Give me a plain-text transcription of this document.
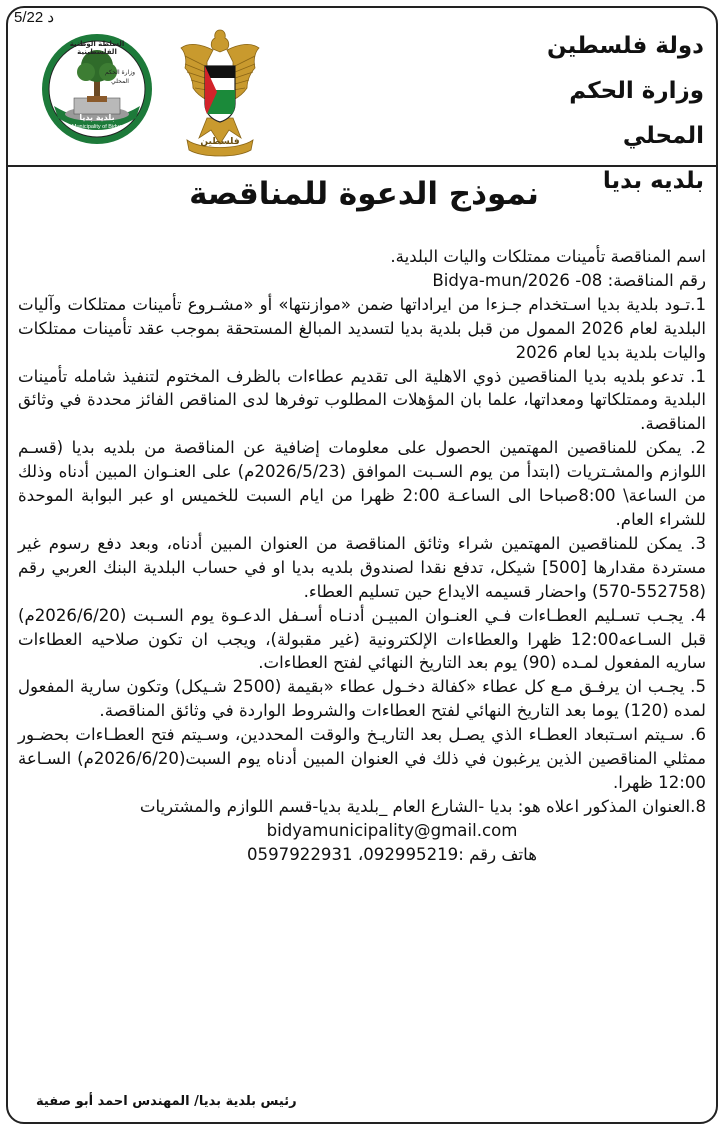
5/22 د
فلسطين
السلطة الوطنية الفلسطينية
وزارة الحكم المحلي
بلدية بديا
Municipality of Bidya
دولة فلسطين
وزارة الحكم المحلي
بلديه بديا
نموذج الدعوة للمناقصة

اسم المناقصة تأمينات ممتلكات واليات البلدية.

رقم المناقصة: 08- Bidya-mun/2026

1.تـود بلدية بديا اسـتخدام جـزءا من ايراداتها ضمن «موازنتها» أو «مشـروع تأمينات ممتلكات وآليات البلدية لعام 2026 الممول من قبل بلدية بديا لتسديد المبالغ المستحقة بموجب عقد تأمينات ممتلكات واليات بلدية بديا لعام 2026

1. تدعو بلديه بديا المناقصين ذوي الاهلية الى تقديم عطاءات بالظرف المختوم لتنفيذ شامله تأمينات البلدية وممتلكاتها ومعداتها، علما بان المؤهلات المطلوب توفرها لدى المناقص الفائز محددة في وثائق المناقصة.

2. يمكن للمناقصين المهتمين الحصول على معلومات إضافية عن المناقصة من بلديه بديا (قسـم اللوازم والمشـتريات (ابتدأ من يوم السـبت الموافق (2026/5/23م) على العنـوان المبين أدناه وذلك من الساعة\ 8:00صباحا الى الساعـة 2:00 ظهرا من ايام السبت للخميس او عبر البوابة الموحدة للشراء العام.

3. يمكن للمناقصين المهتمين شراء وثائق المناقصة من العنوان المبين أدناه، وبعد دفع رسوم غير مستردة مقدارها [500] شيكل، تدفع نقدا لصندوق بلديه بديا او في حساب البلدية البنك العربي رقم (552758-570) واحضار قسيمه الايداع حين تسليم العطاء.

4. يجـب تسـليم العطـاءات فـي العنـوان المبيـن أدنـاه أسـفل الدعـوة يوم السـبت (2026/6/20م) قبل السـاعه12:00 ظهرا والعطاءات الإلكترونية (غير مقبولة)، ويجب ان تكون صلاحيه العطاءات ساريه المفعول لمـده (90) يوم بعد التاريخ النهائي لفتح العطاءات.

5. يجـب ان يرفـق مـع كل عطاء «كفالة دخـول عطاء «بقيمة (2500 شـيكل) وتكون سارية المفعول لمده (120) يوما بعد التاريخ النهائي لفتح العطاءات والشروط الواردة في وثائق المناقصة.

6. سـيتم اسـتبعاد العطـاء الذي يصـل بعد التاريـخ والوقت المحددين، وسـيتم فتح العطـاءات بحضـور ممثلي المناقصين الذين يرغبون في ذلك في العنوان المبين أدناه يوم السبت(2026/6/20م) السـاعة 12:00 ظهرا.

8.العنوان المذكور اعلاه هو: بديا -الشارع العام _بلدية بديا-قسم اللوازم والمشتريات

bidyamunicipality@gmail.com

هاتف رقم :092995219، 0597922931

رئيس بلدية بديا/ المهندس احمد أبو صفية
